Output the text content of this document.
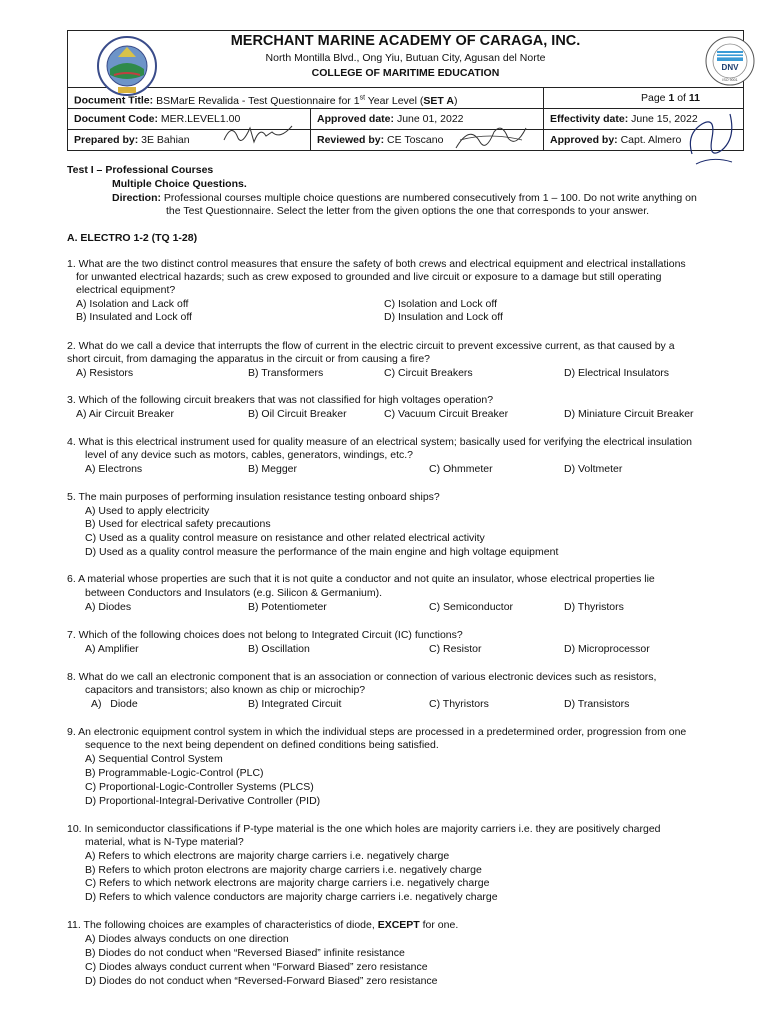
MERCHANT MARINE ACADEMY OF CARAGA, INC.
North Montilla Blvd., Ong Yiu, Butuan City, Agusan del Norte
COLLEGE OF MARITIME EDUCATION	DNV
ISO 9001
Document Title: BSMarE Revalida - Test Questionnaire for 1st Year Level (SET A)	Page 1 of 11
Document Code: MER.LEVEL1.00	Approved date: June 01, 2022	Effectivity date: June 15, 2022
Prepared by: 3E Bahian	Reviewed by: CE Toscano	Approved by: Capt. Almero
Test I – Professional Courses
Multiple Choice Questions.
Direction: Professional courses multiple choice questions are numbered consecutively from 1 – 100. Do not write anything on
the Test Questionnaire. Select the letter from the given options the one that corresponds to your answer.
A. ELECTRO 1-2 (TQ 1-28)
1. What are the two distinct control measures that ensure the safety of both crews and electrical equipment and electrical installations
for unwanted electrical hazards; such as crew exposed to grounded and live circuit or exposure to a damage but still operating
electrical equipment?
A) Isolation and Lack off	C) Isolation and Lock off
B) Insulated and Lock off	D) Insulation and Lock off
2. What do we call a device that interrupts the flow of current in the electric circuit to prevent excessive current, as that caused by a
short circuit, from damaging the apparatus in the circuit or from causing a fire?
A) Resistors	B) Transformers	C) Circuit Breakers	D) Electrical Insulators
3. Which of the following circuit breakers that was not classified for high voltages operation?
A) Air Circuit Breaker	B) Oil Circuit Breaker	C) Vacuum Circuit Breaker	D) Miniature Circuit Breaker
4. What is this electrical instrument used for quality measure of an electrical system; basically used for verifying the electrical insulation
level of any device such as motors, cables, generators, windings, etc.?
A) Electrons	B) Megger	C) Ohmmeter	D) Voltmeter
5. The main purposes of performing insulation resistance testing onboard ships?
A) Used to apply electricity
B) Used for electrical safety precautions
C) Used as a quality control measure on resistance and other related electrical activity
D) Used as a quality control measure the performance of the main engine and high voltage equipment
6. A material whose properties are such that it is not quite a conductor and not quite an insulator, whose electrical properties lie
between Conductors and Insulators (e.g. Silicon & Germanium).
A) Diodes	B) Potentiometer	C) Semiconductor	D) Thyristors
7. Which of the following choices does not belong to Integrated Circuit (IC) functions?
A) Amplifier	B) Oscillation	C) Resistor	D) Microprocessor
8. What do we call an electronic component that is an association or connection of various electronic devices such as resistors,
capacitors and transistors; also known as chip or microchip?
A)   Diode	B) Integrated Circuit	C) Thyristors	D) Transistors
9. An electronic equipment control system in which the individual steps are processed in a predetermined order, progression from one
sequence to the next being dependent on defined conditions being satisfied.
A) Sequential Control System
B) Programmable-Logic-Control (PLC)
C) Proportional-Logic-Controller Systems (PLCS)
D) Proportional-Integral-Derivative Controller (PID)
10. In semiconductor classifications if P-type material is the one which holes are majority carriers i.e. they are positively charged
material, what is N-Type material?
A) Refers to which electrons are majority charge carriers i.e. negatively charge
B) Refers to which proton electrons are majority charge carriers i.e. negatively charge
C) Refers to which network electrons are majority charge carriers i.e. negatively charge
D) Refers to which valence conductors are majority charge carriers i.e. negatively charge
11. The following choices are examples of characteristics of diode, EXCEPT for one.
A) Diodes always conducts on one direction
B) Diodes do not conduct when “Reversed Biased” infinite resistance
C) Diodes always conduct current when “Forward Biased” zero resistance
D) Diodes do not conduct when “Reversed-Forward Biased” zero resistance
